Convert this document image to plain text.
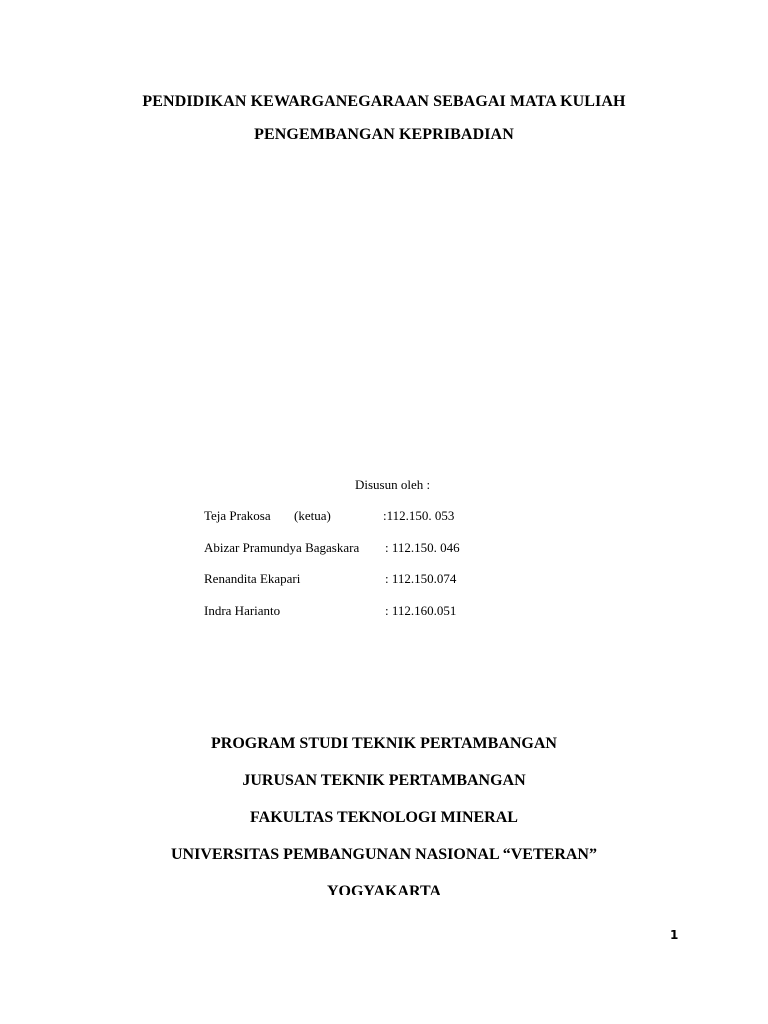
PENDIDIKAN KEWARGANEGARAAN SEBAGAI MATA KULIAH
PENGEMBANGAN KEPRIBADIAN
Disusun oleh :
Teja Prakosa (ketua)	:112.150. 053
Abizar Pramundya Bagaskara : 112.150. 046
Renandita Ekapari	: 112.150.074
Indra Harianto	: 112.160.051
PROGRAM STUDI TEKNIK PERTAMBANGAN
JURUSAN TEKNIK PERTAMBANGAN
FAKULTAS TEKNOLOGI MINERAL
UNIVERSITAS PEMBANGUNAN NASIONAL “VETERAN”
YOGYAKARTA
1
